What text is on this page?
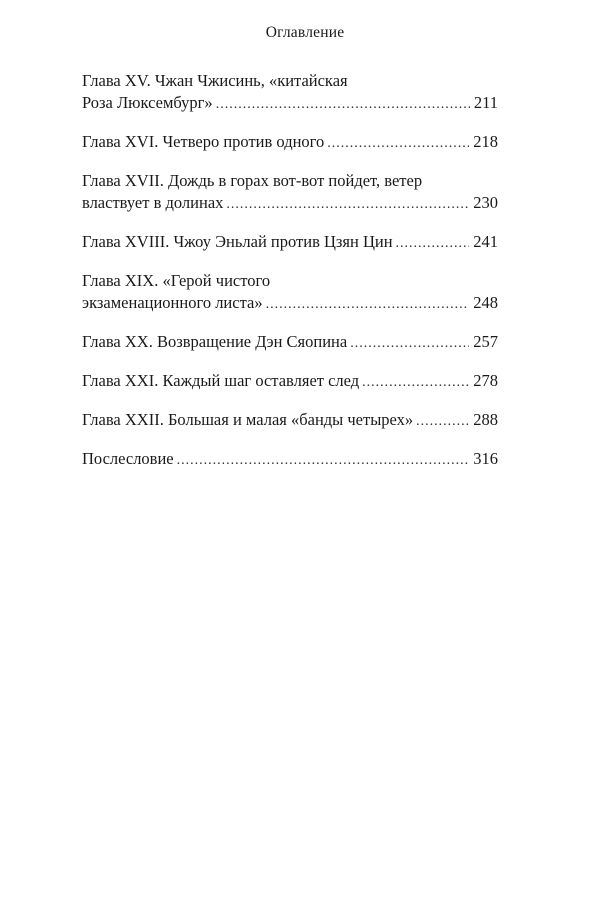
Оглавление
Глава XV. Чжан Чжисинь, «китайская
Роза Люксембург» .....	211
Глава XVI. Четверо против одного .....	218
Глава XVII. Дождь в горах вот-вот пойдет, ветер
властвует в долинах .....	230
Глава XVIII. Чжоу Эньлай против Цзян Цин .....	241
Глава XIX. «Герой чистого
экзаменационного листа» .....	248
Глава XX. Возвращение Дэн Сяопина .....	257
Глава XXI. Каждый шаг оставляет след .....	278
Глава XXII. Большая и малая «банды четырех» .....	288
Послесловие .....	316
